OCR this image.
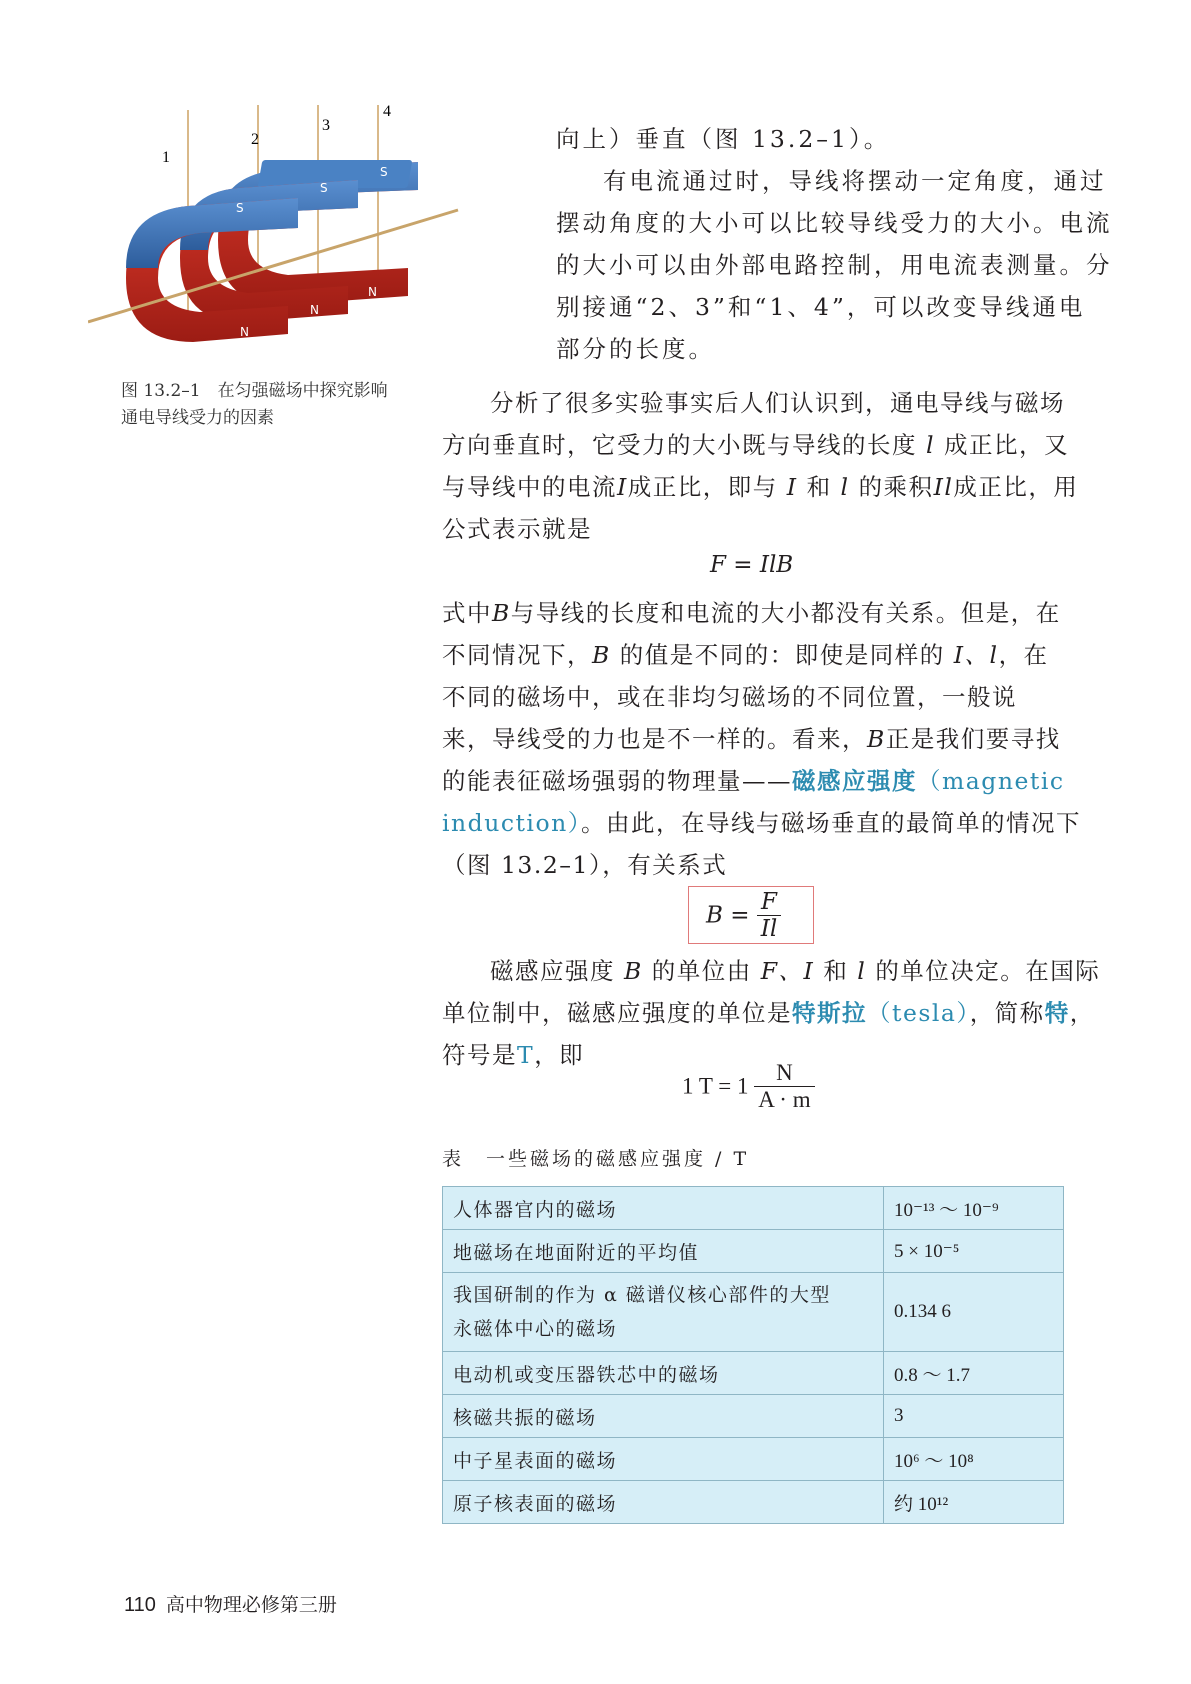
S
S
S
N
N
N
1
2
3
4
图 13.2–1　在匀强磁场中探究影响
通电导线受力的因素
向上）垂直（图 13.2–1）。
有电流通过时，导线将摆动一定角度，通过
摆动角度的大小可以比较导线受力的大小。电流
的大小可以由外部电路控制，用电流表测量。分
别接通“2、3”和“1、4”，可以改变导线通电
部分的长度。
分析了很多实验事实后人们认识到，通电导线与磁场
方向垂直时，它受力的大小既与导线的长度 l 成正比，又
与导线中的电流I成正比，即与 I 和 l 的乘积Il成正比，用
公式表示就是
F = IlB
式中B与导线的长度和电流的大小都没有关系。但是，在
不同情况下，B 的值是不同的：即使是同样的 I、l，在
不同的磁场中，或在非均匀磁场的不同位置，一般说
来，导线受的力也是不一样的。看来，B正是我们要寻找
的能表征磁场强弱的物理量——磁感应强度（magnetic
induction）。由此，在导线与磁场垂直的最简单的情况下
（图 13.2–1），有关系式
$B = \frac{F}{Il}$
磁感应强度 B 的单位由 F、I 和 l 的单位决定。在国际
单位制中，磁感应强度的单位是特斯拉（tesla），简称特，
符号是T，即
1 $T = 1 \frac{N}{A \cdot m}$
表　一些磁场的磁感应强度 / T
人体器官内的磁场	10⁻¹³ ～ 10⁻⁹
地磁场在地面附近的平均值	5 × 10⁻⁵

我国研制的作为 α 磁谱仪核心部件的大型
永磁体中心的磁场	0.134 6
电动机或变压器铁芯中的磁场	0.8 ～ 1.7
核磁共振的磁场	3
中子星表面的磁场	10⁶ ～ 10⁸
原子核表面的磁场	约 10¹²
110 高中物理必修第三册
